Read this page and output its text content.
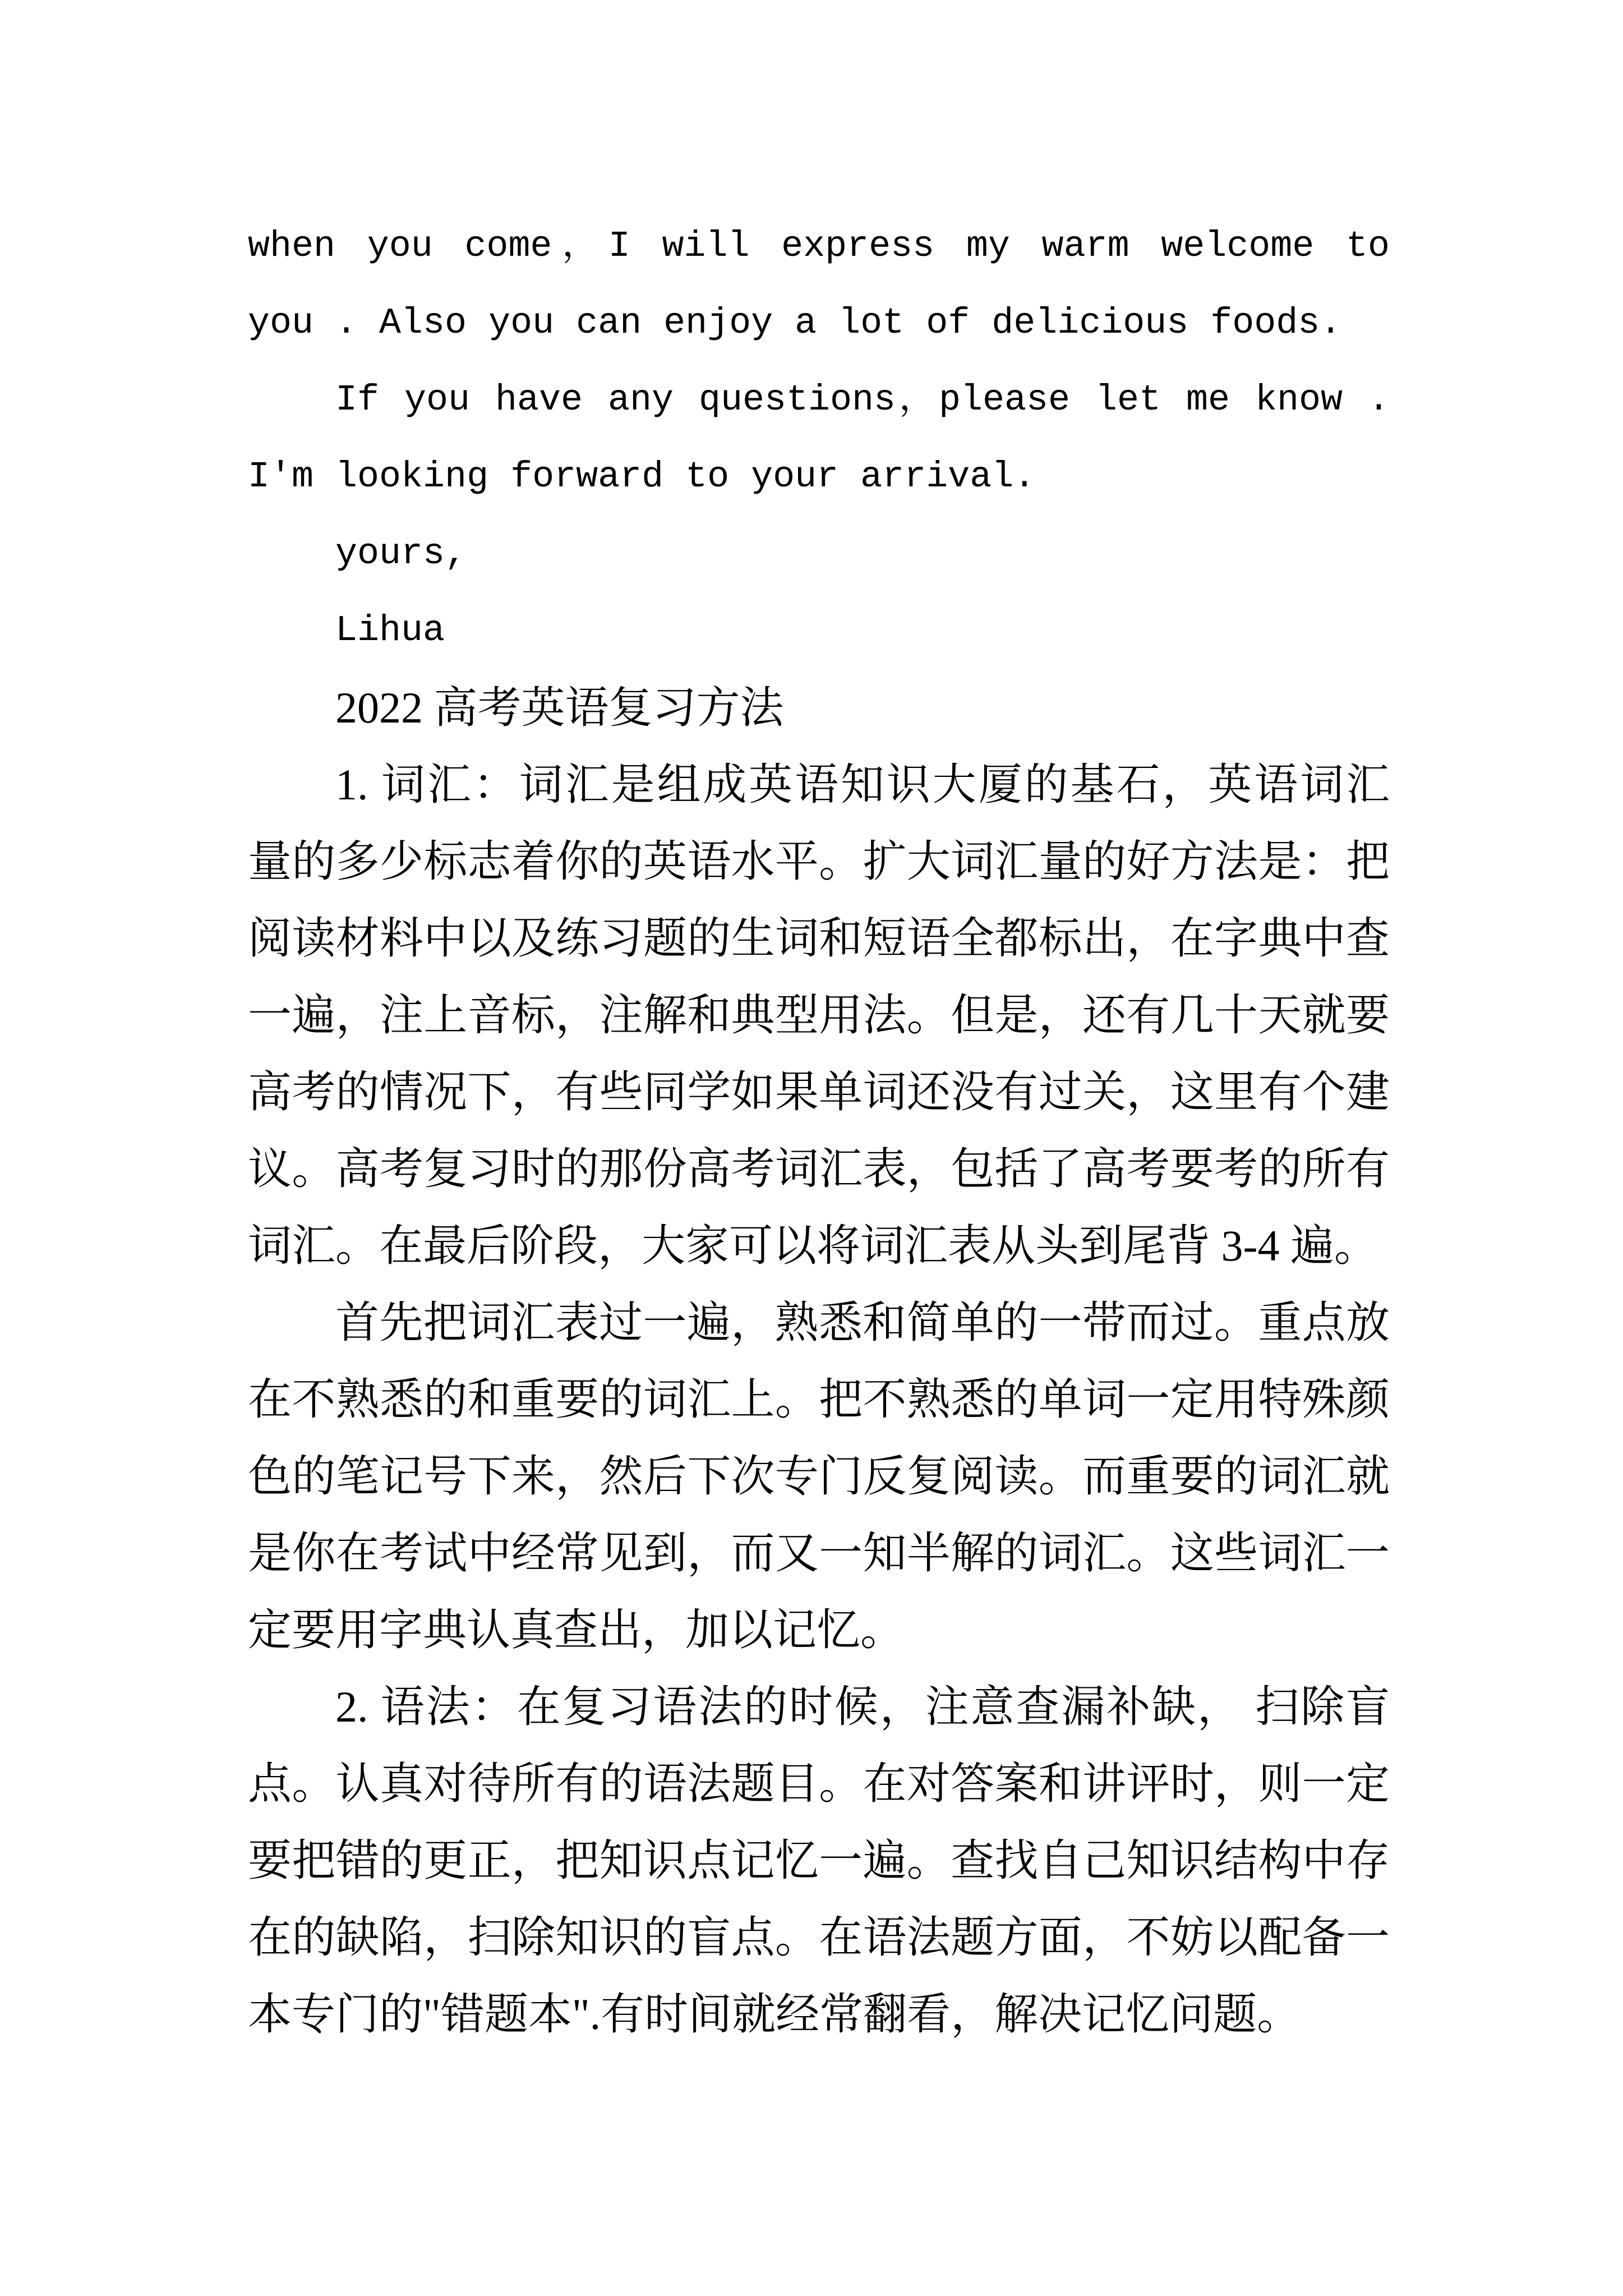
when you come，I will express my warm welcome to
you . Also you can enjoy a lot of delicious foods.
If you have any questions，please let me know .
I'm looking forward to your arrival.
yours,
Lihua
2022 高考英语复习方法
1. 词汇：词汇是组成英语知识大厦的基石，英语词汇
量的多少标志着你的英语水平。扩大词汇量的好方法是：把
阅读材料中以及练习题的生词和短语全都标出，在字典中查
一遍，注上音标，注解和典型用法。但是，还有几十天就要
高考的情况下，有些同学如果单词还没有过关，这里有个建
议。高考复习时的那份高考词汇表，包括了高考要考的所有
词汇。在最后阶段，大家可以将词汇表从头到尾背 3-4 遍。
首先把词汇表过一遍，熟悉和简单的一带而过。重点放
在不熟悉的和重要的词汇上。把不熟悉的单词一定用特殊颜
色的笔记号下来，然后下次专门反复阅读。而重要的词汇就
是你在考试中经常见到，而又一知半解的词汇。这些词汇一
定要用字典认真查出，加以记忆。
2. 语法：在复习语法的时候，注意查漏补缺， 扫除盲
点。认真对待所有的语法题目。在对答案和讲评时，则一定
要把错的更正，把知识点记忆一遍。查找自己知识结构中存
在的缺陷，扫除知识的盲点。在语法题方面，不妨以配备一
本专门的"错题本".有时间就经常翻看，解决记忆问题。
